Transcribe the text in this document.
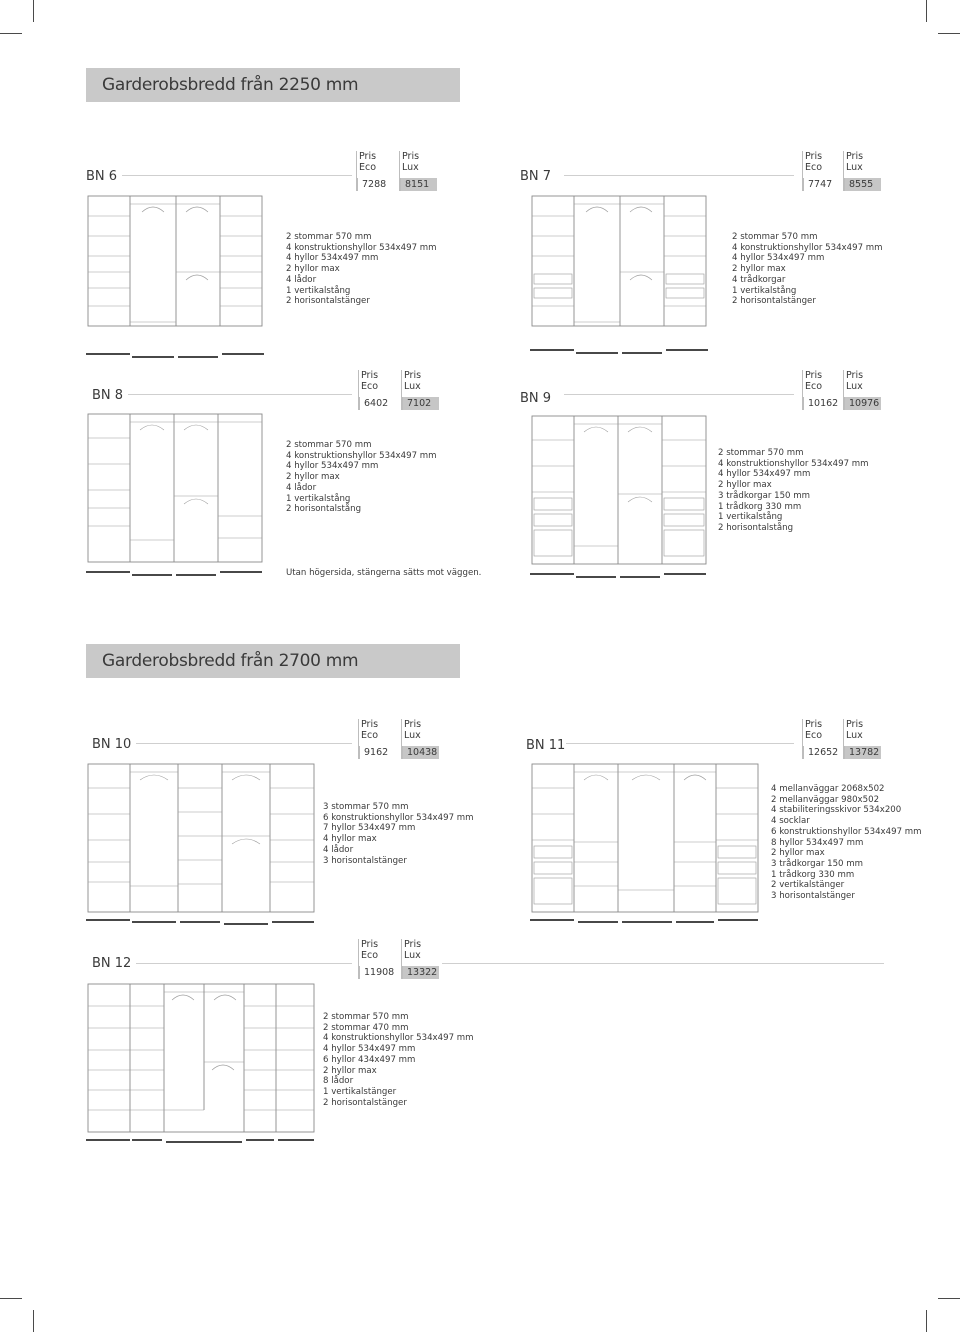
Garderobsbredd från 2250 mm
Garderobsbredd från 2700 mm
BN 6
Pris
Eco
7288
Pris
Lux
8151
2 stommar 570 mm
4 konstruktionshyllor 534x497 mm
4 hyllor 534x497 mm
2 hyllor max
4 lådor
1 vertikalstång
2 horisontalstänger
BN 7
Pris
Eco
7747
Pris
Lux
8555
2 stommar 570 mm
4 konstruktionshyllor 534x497 mm
4 hyllor 534x497 mm
2 hyllor max
4 trådkorgar
1 vertikalstång
2 horisontalstänger
BN 8
Pris
Eco
6402
Pris
Lux
7102
2 stommar 570 mm
4 konstruktionshyllor 534x497 mm
4 hyllor 534x497 mm
2 hyllor max
4 lådor
1 vertikalstång
2 horisontalstång
Utan högersida, stängerna sätts mot väggen.
BN 9
Pris
Eco
10162
Pris
Lux
10976
2 stommar 570 mm
4 konstruktionshyllor 534x497 mm
4 hyllor 534x497 mm
2 hyllor max
3 trådkorgar 150 mm
1 trådkorg 330 mm
1 vertikalstång
2 horisontalstång
BN 10
Pris
Eco
9162
Pris
Lux
10438
3 stommar 570 mm
6 konstruktionshyllor 534x497 mm
7 hyllor 534x497 mm
4 hyllor max
4 lådor
3 horisontalstänger
BN 11
Pris
Eco
12652
Pris
Lux
13782
4 mellanväggar 2068x502
2 mellanväggar 980x502
4 stabiliteringsskivor 534x200
4 socklar
6 konstruktionshyllor 534x497 mm
8 hyllor 534x497 mm
2 hyllor max
3 trådkorgar 150 mm
1 trådkorg 330 mm
2 vertikalstänger
3 horisontalstänger
BN 12
Pris
Eco
11908
Pris
Lux
13322
2 stommar 570 mm
2 stommar 470 mm
4 konstruktionshyllor 534x497 mm
4 hyllor 534x497 mm
6 hyllor 434x497 mm
2 hyllor max
8 lådor
1 vertikalstänger
2 horisontalstänger
